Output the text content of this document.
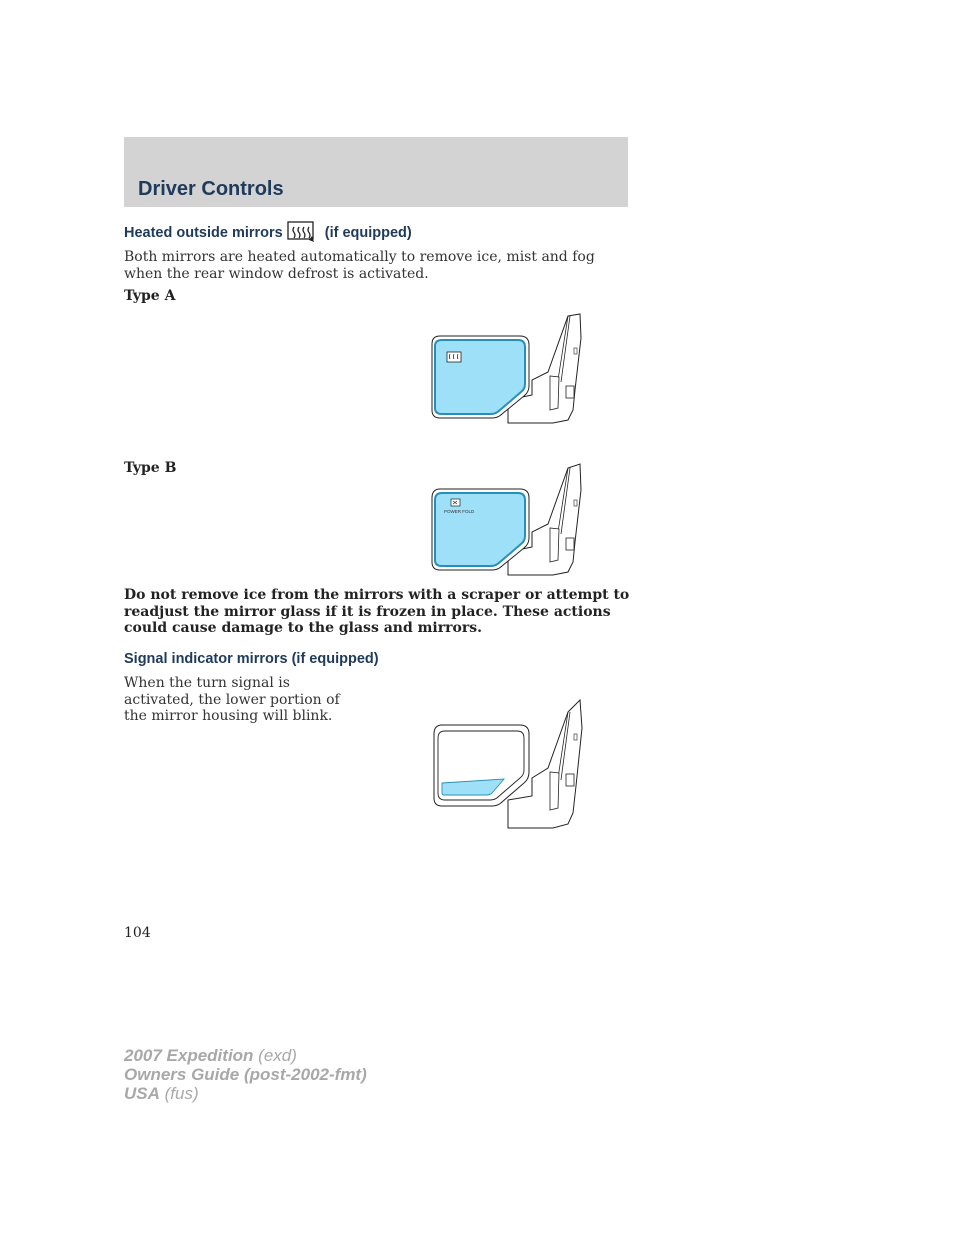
Driver Controls
Heated outside mirrors	(if equipped)

Both mirrors are heated automatically to remove ice, mist and fog when the rear window defrost is activated.

Type A

Type B

POWER FOLD

Do not remove ice from the mirrors with a scraper or attempt to readjust the mirror glass if it is frozen in place. These actions could cause damage to the glass and mirrors.

Signal indicator mirrors (if equipped)

When the turn signal is activated, the lower portion of the mirror housing will blink.

104

2007 Expedition (exd)
Owners Guide (post-2002-fmt)
USA (fus)
